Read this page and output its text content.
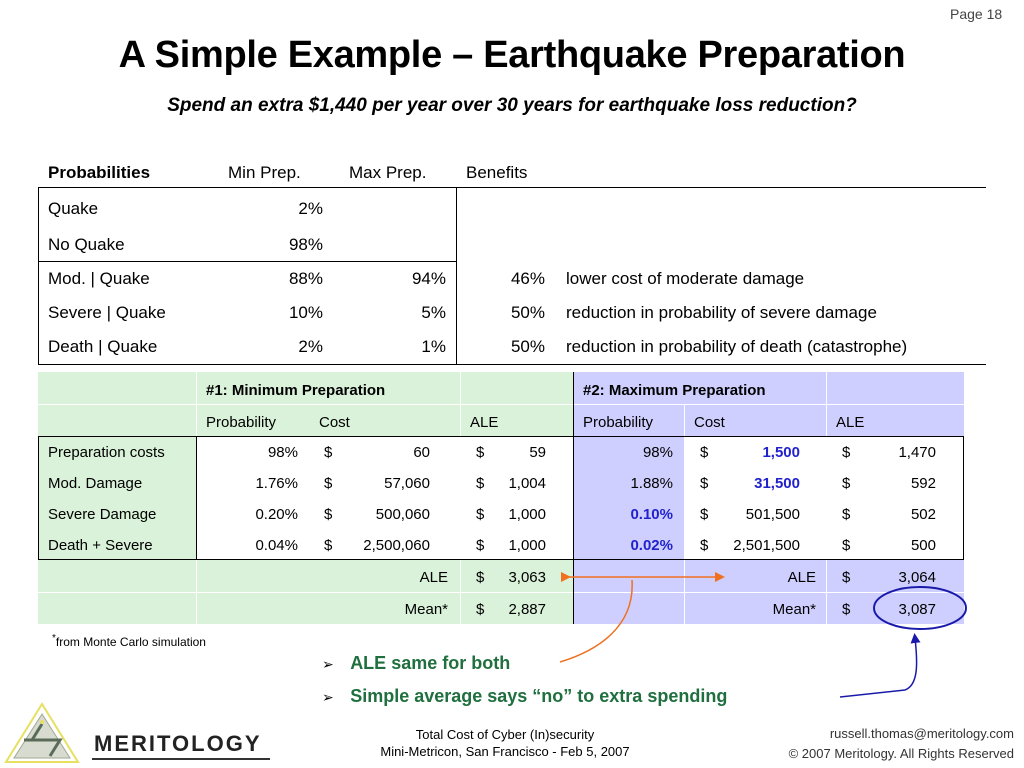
Page 18
A Simple Example – Earthquake Preparation
Spend an extra $1,440 per year over 30 years for earthquake loss reduction?
Probabilities	Min Prep.	Max Prep. Benefits
Quake	2%
No Quake	98%
Mod. | Quake	88%	94%	46% lower cost of moderate damage
Severe | Quake	10%	5%	50% reduction in probability of severe damage
Death | Quake	2%	1%	50% reduction in probability of death (catastrophe)
#1: Minimum Preparation	#2: Maximum Preparation
Probability	Cost	ALE	Probability	Cost	ALE
Preparation costs	98% $	60	$	59	98% $	1,500	$	1,470
Mod. Damage	1.76% $	57,060	$	1,004	1.88% $	31,500	$	592
Severe Damage	0.20% $	500,060	$	1,000	0.10% $	501,500	$	502
Death + Severe	0.04% $	2,500,060	$	1,000	0.02% $	2,501,500	$	500
ALE $	3,063	ALE $	3,064
Mean* $	2,887	Mean* $	3,087
*from Monte Carlo simulation
➢ ALE same for both
➢ Simple average says “no” to extra spending
MERITOLOGY	Total Cost of Cyber (In)security
Mini-Metricon, San Francisco - Feb 5, 2007
russell.thomas@meritology.com
© 2007 Meritology. All Rights Reserved
